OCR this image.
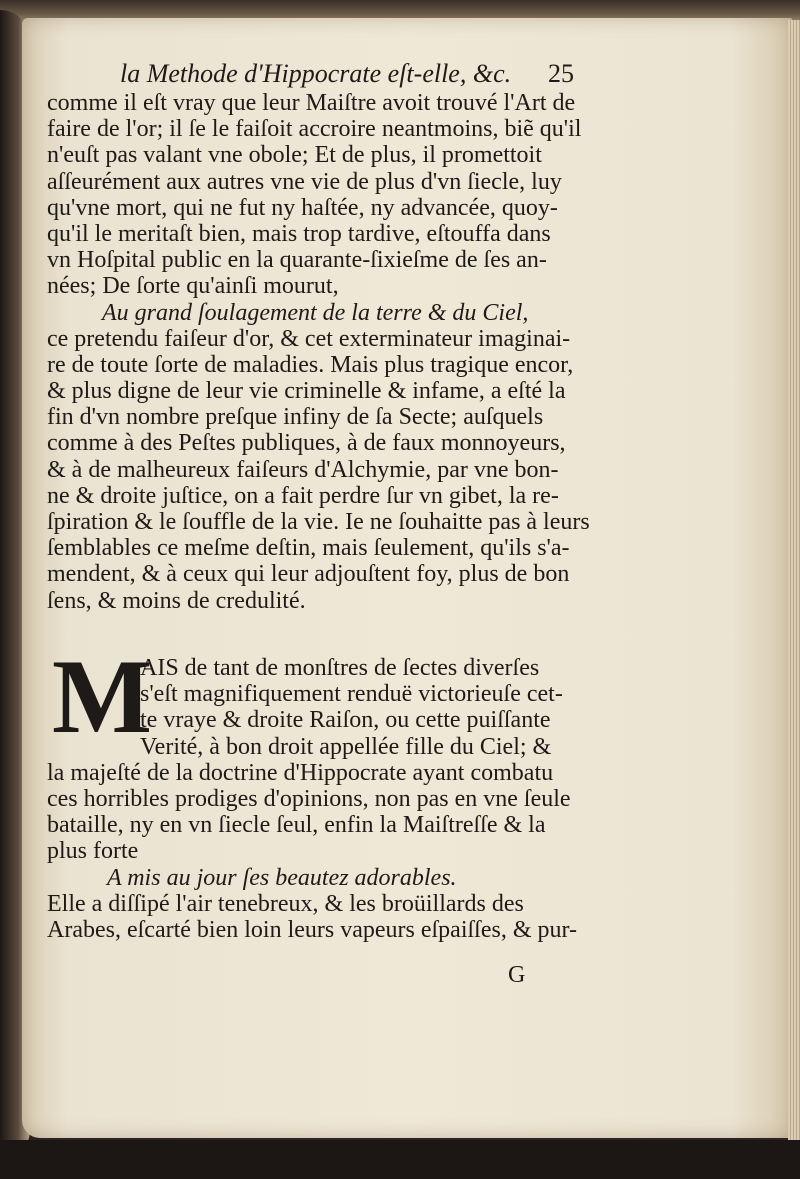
la Methode d'Hippocrate eſt-elle, &c.	25
comme il eſt vray que leur Maiſtre avoit trouvé l'Art de
faire de l'or; il ſe le faiſoit accroire neantmoins, biẽ qu'il
n'euſt pas valant vne obole; Et de plus, il promettoit
aſſeurément aux autres vne vie de plus d'vn ſiecle, luy
qu'vne mort, qui ne fut ny haſtée, ny advancée, quoy-
qu'il le meritaſt bien, mais trop tardive, eſtouffa dans
vn Hoſpital public en la quarante-ſixieſme de ſes an-
nées; De ſorte qu'ainſi mourut,
Au grand ſoulagement de la terre & du Ciel,
ce pretendu faiſeur d'or, & cet exterminateur imaginai-
re de toute ſorte de maladies. Mais plus tragique encor,
& plus digne de leur vie criminelle & infame, a eſté la
fin d'vn nombre preſque infiny de ſa Secte; auſquels
comme à des Peſtes publiques, à de faux monnoyeurs,
& à de malheureux faiſeurs d'Alchymie, par vne bon-
ne & droite juſtice, on a fait perdre ſur vn gibet, la re-
ſpiration & le ſouffle de la vie. Ie ne ſouhaitte pas à leurs
ſemblables ce meſme deſtin, mais ſeulement, qu'ils s'a-
mendent, & à ceux qui leur adjouſtent foy, plus de bon
ſens, & moins de credulité.
M
AIS de tant de monſtres de ſectes diverſes
s'eſt magnifiquement renduë victorieuſe cet-
te vraye & droite Raiſon, ou cette puiſſante
Verité, à bon droit appellée fille du Ciel; &
la majeſté de la doctrine d'Hippocrate ayant combatu
ces horribles prodiges d'opinions, non pas en vne ſeule
bataille, ny en vn ſiecle ſeul, enfin la Maiſtreſſe & la
plus forte
A mis au jour ſes beautez adorables.
Elle a diſſipé l'air tenebreux, & les broüillards des
Arabes, eſcarté bien loin leurs vapeurs eſpaiſſes, & pur-
G
